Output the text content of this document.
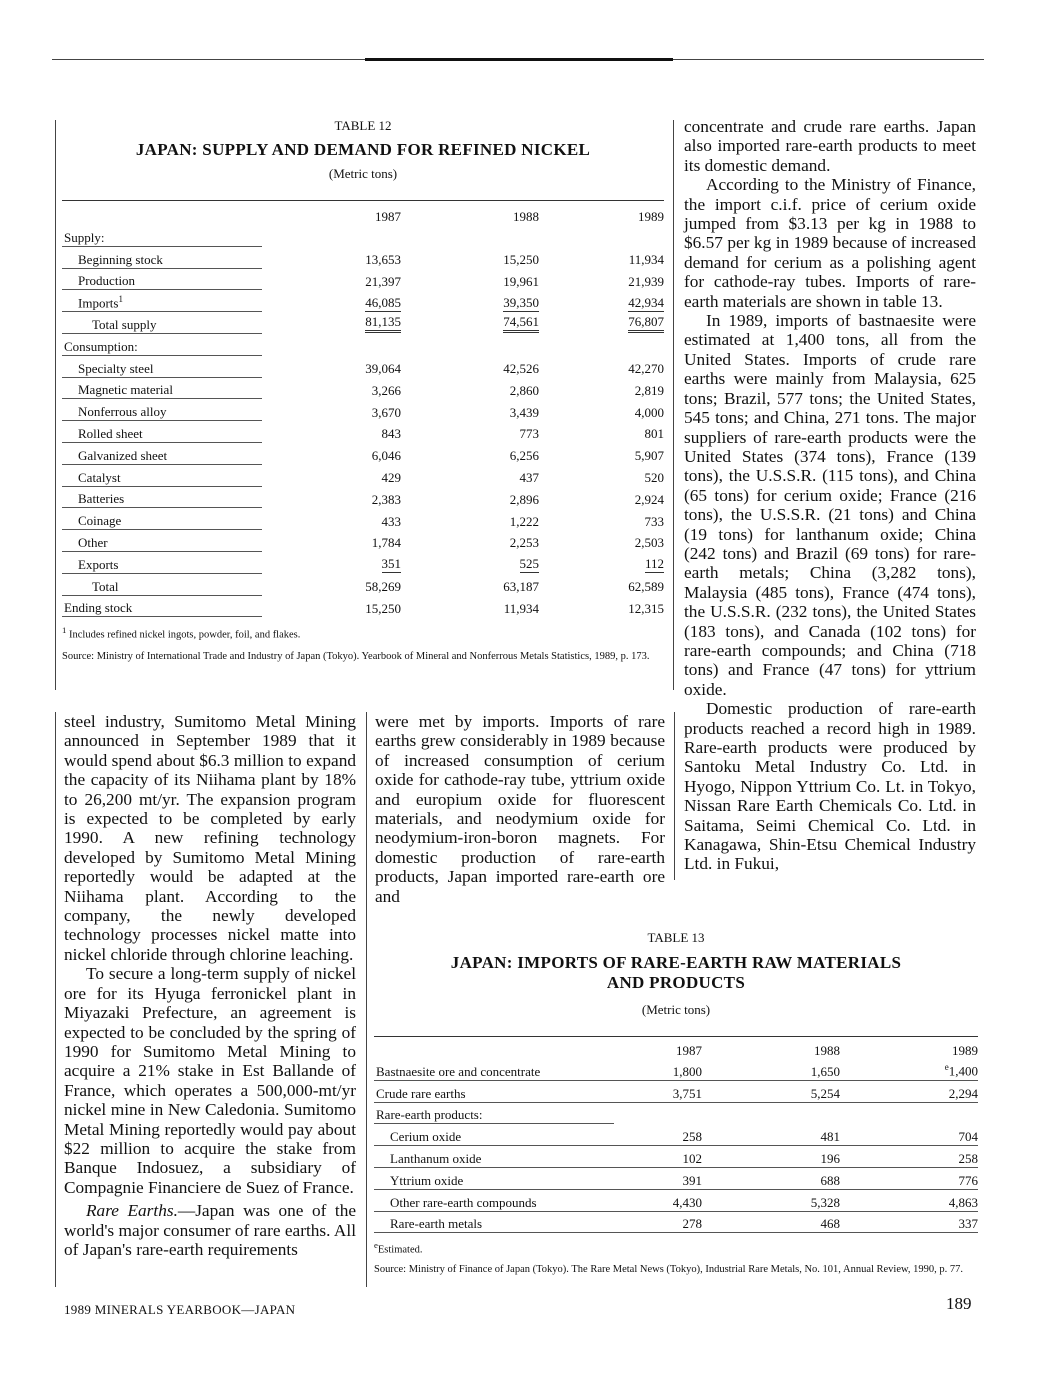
TABLE 12
JAPAN: SUPPLY AND DEMAND FOR REFINED NICKEL
(Metric tons)
	1987	1988	1989
Supply:			
Beginning stock	13,653	15,250	11,934
Production	21,397	19,961	21,939
Imports$^1$	46,085	39,350	42,934
Total supply	81,135	74,561	76,807
Consumption:			
Specialty steel	39,064	42,526	42,270
Magnetic material	3,266	2,860	2,819
Nonferrous alloy	3,670	3,439	4,000
Rolled sheet	843	773	801
Galvanized sheet	6,046	6,256	5,907
Catalyst	429	437	520
Batteries	2,383	2,896	2,924
Coinage	433	1,222	733
Other	1,784	2,253	2,503
Exports	351	525	112
Total	58,269	63,187	62,589
Ending stock	15,250	11,934	12,315
$^1$ Includes refined nickel ingots, powder, foil, and flakes.
Source: Ministry of International Trade and Industry of Japan (Tokyo). Yearbook of Mineral and Nonferrous Metals Statistics, 1989, p. 173.

steel industry, Sumitomo Metal Mining announced in September 1989 that it would spend about $6.3 million to expand the capacity of its Niihama plant by 18% to 26,200 mt/yr. The expansion program is expected to be completed by early 1990. A new refining technology developed by Sumitomo Metal Mining reportedly would be adapted at the Niihama plant. According to the company, the newly developed technology processes nickel matte into nickel chloride through chlorine leaching.

To secure a long-term supply of nickel ore for its Hyuga ferronickel plant in Miyazaki Prefecture, an agreement is expected to be concluded by the spring of 1990 for Sumitomo Metal Mining to acquire a 21% stake in Est Ballande of France, which operates a 500,000-mt/yr nickel mine in New Caledonia. Sumitomo Metal Mining reportedly would pay about $22 million to acquire the stake from Banque Indosuez, a subsidiary of Compagnie Financiere de Suez of France.

Rare Earths.—Japan was one of the world's major consumer of rare earths. All of Japan's rare-earth requirements

were met by imports. Imports of rare earths grew considerably in 1989 because of increased consumption of cerium oxide for cathode-ray tube, yttrium oxide and europium oxide for fluorescent materials, and neodymium oxide for neodymium-iron-boron magnets. For domestic production of rare-earth products, Japan imported rare-earth ore and

concentrate and crude rare earths. Japan also imported rare-earth products to meet its domestic demand.

According to the Ministry of Finance, the import c.i.f. price of cerium oxide jumped from $3.13 per kg in 1988 to $6.57 per kg in 1989 because of increased demand for cerium as a polishing agent for cathode-ray tubes. Imports of rare-earth materials are shown in table 13.

In 1989, imports of bastnaesite were estimated at 1,400 tons, all from the United States. Imports of crude rare earths were mainly from Malaysia, 625 tons; Brazil, 577 tons; the United States, 545 tons; and China, 271 tons. The major suppliers of rare-earth products were the United States (374 tons), France (139 tons), the U.S.S.R. (115 tons), and China (65 tons) for cerium oxide; France (216 tons), the U.S.S.R. (21 tons) and China (19 tons) for lanthanum oxide; China (242 tons) and Brazil (69 tons) for rare-earth metals; China (3,282 tons), Malaysia (485 tons), France (474 tons), the U.S.S.R. (232 tons), the United States (183 tons), and Canada (102 tons) for rare-earth compounds; and China (718 tons) and France (47 tons) for yttrium oxide.

Domestic production of rare-earth products reached a record high in 1989. Rare-earth products were produced by Santoku Metal Industry Co. Ltd. in Hyogo, Nippon Yttrium Co. Lt. in Tokyo, Nissan Rare Earth Chemicals Co. Ltd. in Saitama, Seimi Chemical Co. Ltd. in Kanagawa, Shin-Etsu Chemical Industry Ltd. in Fukui,

TABLE 13
JAPAN: IMPORTS OF RARE-EARTH RAW MATERIALS
AND PRODUCTS
(Metric tons)
	1987	1988	1989
Bastnaesite ore and concentrate	1,800	1,650	$^e$1,400
Crude rare earths	3,751	5,254	2,294
Rare-earth products:			
Cerium oxide	258	481	704
Lanthanum oxide	102	196	258
Yttrium oxide	391	688	776
Other rare-earth compounds	4,430	5,328	4,863
Rare-earth metals	278	468	337
$^e$Estimated.
Source: Ministry of Finance of Japan (Tokyo). The Rare Metal News (Tokyo), Industrial Rare Metals, No. 101, Annual Review, 1990, p. 77.
1989 MINERALS YEARBOOK—JAPAN	189
